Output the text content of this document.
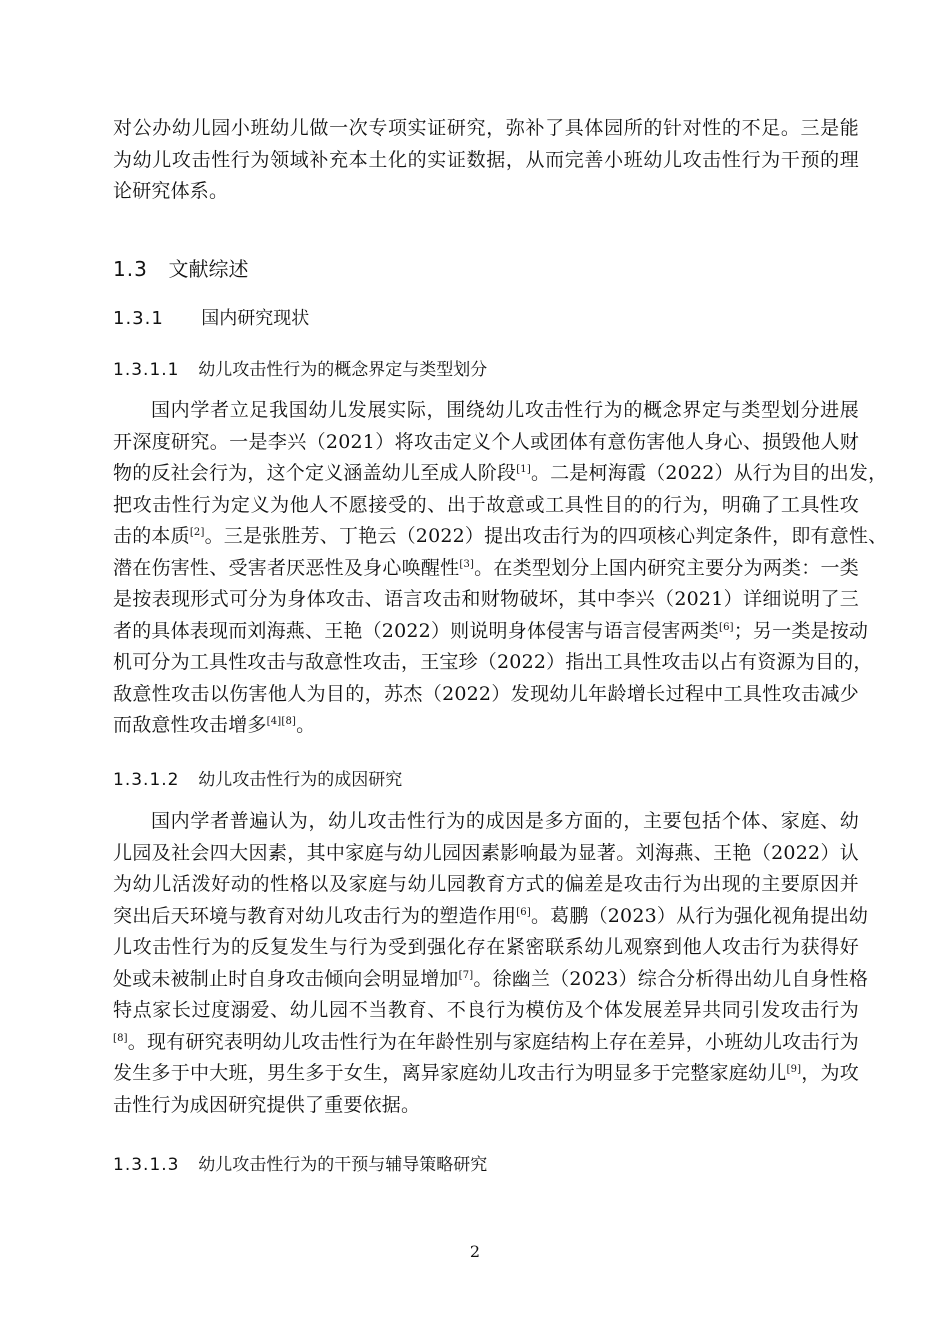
对公办幼儿园小班幼儿做一次专项实证研究，弥补了具体园所的针对性的不足。三是能
为幼儿攻击性行为领域补充本土化的实证数据，从而完善小班幼儿攻击性行为干预的理
论研究体系。
1.3 文献综述
1.3.1 国内研究现状
1.3.1.1 幼儿攻击性行为的概念界定与类型划分
国内学者立足我国幼儿发展实际，围绕幼儿攻击性行为的概念界定与类型划分进展
开深度研究。一是李兴（2021）将攻击定义个人或团体有意伤害他人身心、损毁他人财
物的反社会行为，这个定义涵盖幼儿至成人阶段[1]。二是柯海霞（2022）从行为目的出发，
把攻击性行为定义为他人不愿接受的、出于故意或工具性目的的行为，明确了工具性攻
击的本质[2]。三是张胜芳、丁艳云（2022）提出攻击行为的四项核心判定条件，即有意性、
潜在伤害性、受害者厌恶性及身心唤醒性[3]。在类型划分上国内研究主要分为两类：一类
是按表现形式可分为身体攻击、语言攻击和财物破坏，其中李兴（2021）详细说明了三
者的具体表现而刘海燕、王艳（2022）则说明身体侵害与语言侵害两类[6]；另一类是按动
机可分为工具性攻击与敌意性攻击，王宝珍（2022）指出工具性攻击以占有资源为目的，
敌意性攻击以伤害他人为目的，苏杰（2022）发现幼儿年龄增长过程中工具性攻击减少
而敌意性攻击增多[4][8]。
1.3.1.2 幼儿攻击性行为的成因研究
国内学者普遍认为，幼儿攻击性行为的成因是多方面的，主要包括个体、家庭、幼
儿园及社会四大因素，其中家庭与幼儿园因素影响最为显著。刘海燕、王艳（2022）认
为幼儿活泼好动的性格以及家庭与幼儿园教育方式的偏差是攻击行为出现的主要原因并
突出后天环境与教育对幼儿攻击行为的塑造作用[6]。葛鹏（2023）从行为强化视角提出幼
儿攻击性行为的反复发生与行为受到强化存在紧密联系幼儿观察到他人攻击行为获得好
处或未被制止时自身攻击倾向会明显增加[7]。徐幽兰（2023）综合分析得出幼儿自身性格
特点家长过度溺爱、幼儿园不当教育、不良行为模仿及个体发展差异共同引发攻击行为
[8]。现有研究表明幼儿攻击性行为在年龄性别与家庭结构上存在差异，小班幼儿攻击行为
发生多于中大班，男生多于女生，离异家庭幼儿攻击行为明显多于完整家庭幼儿[9]，为攻
击性行为成因研究提供了重要依据。
1.3.1.3 幼儿攻击性行为的干预与辅导策略研究
2
